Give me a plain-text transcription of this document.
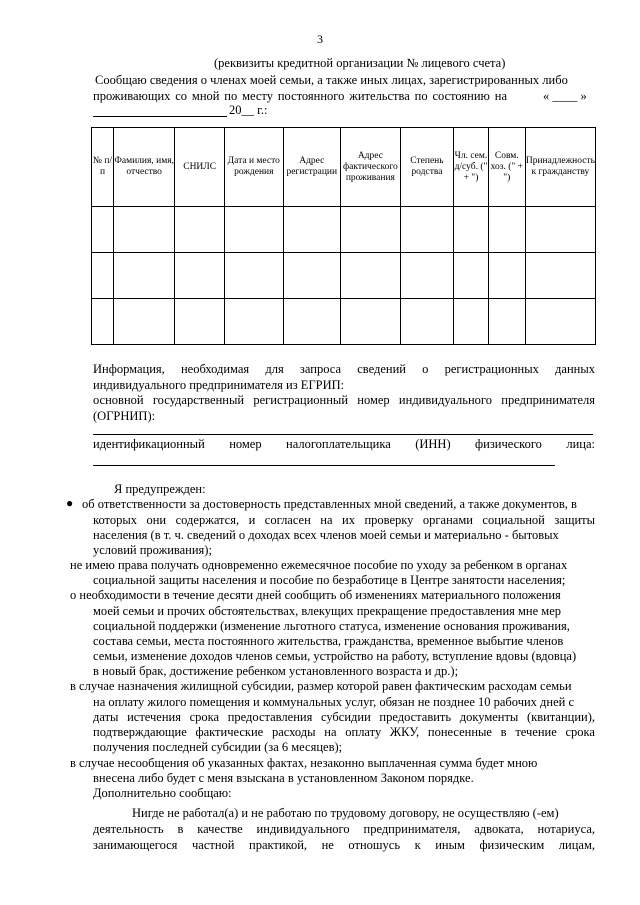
3
(реквизиты кредитной организации № лицевого счета)
Сообщаю сведения о членах моей семьи, а также иных лицах, зарегистрированных либо
проживающих со мной по месту постоянного жительства по состоянию на	« ____ »
20__ г.:
№ п/п	Фамилия, имя, отчество	СНИЛС	Дата и место рождения	Адрес регистрации	Адрес фактического проживания	Степень родства	Чл. сем. д/суб. (" + ")	Совм. хоз. (" + ")	Принадлежность к гражданству

Информация, необходимая для запроса сведений о регистрационных данных
индивидуального предпринимателя из ЕГРИП:
основной государственный регистрационный номер индивидуального предпринимателя
(ОГРНИП):
идентификационный номер налогоплательщика (ИНН) физического лица:
Я предупрежден:
● об ответственности за достоверность представленных мной сведений, а также документов, в
которых они содержатся, и согласен на их проверку органами социальной защиты
населения (в т. ч. сведений о доходах всех членов моей семьи и материально - бытовых
условий проживания);
не имею права получать одновременно ежемесячное пособие по уходу за ребенком в органах
социальной защиты населения и пособие по безработице в Центре занятости населения;
о необходимости в течение десяти дней сообщить об изменениях материального положения
моей семьи и прочих обстоятельствах, влекущих прекращение предоставления мне мер
социальной поддержки (изменение льготного статуса, изменение основания проживания,
состава семьи, места постоянного жительства, гражданства, временное выбытие членов
семьи, изменение доходов членов семьи, устройство на работу, вступление вдовы (вдовца)
в новый брак, достижение ребенком установленного возраста и др.);
в случае назначения жилищной субсидии, размер которой равен фактическим расходам семьи
на оплату жилого помещения и коммунальных услуг, обязан не позднее 10 рабочих дней с
даты истечения срока предоставления субсидии предоставить документы (квитанции),
подтверждающие фактические расходы на оплату ЖКУ, понесенные в течение срока
получения последней субсидии (за 6 месяцев);
в случае несообщения об указанных фактах, незаконно выплаченная сумма будет мною
внесена либо будет с меня взыскана в установленном Законом порядке.
Дополнительно сообщаю:
Нигде не работал(а) и не работаю по трудовому договору, не осуществляю (-ем)
деятельность в качестве индивидуального предпринимателя, адвоката, нотариуса,
занимающегося частной практикой, не отношусь к иным физическим лицам,
